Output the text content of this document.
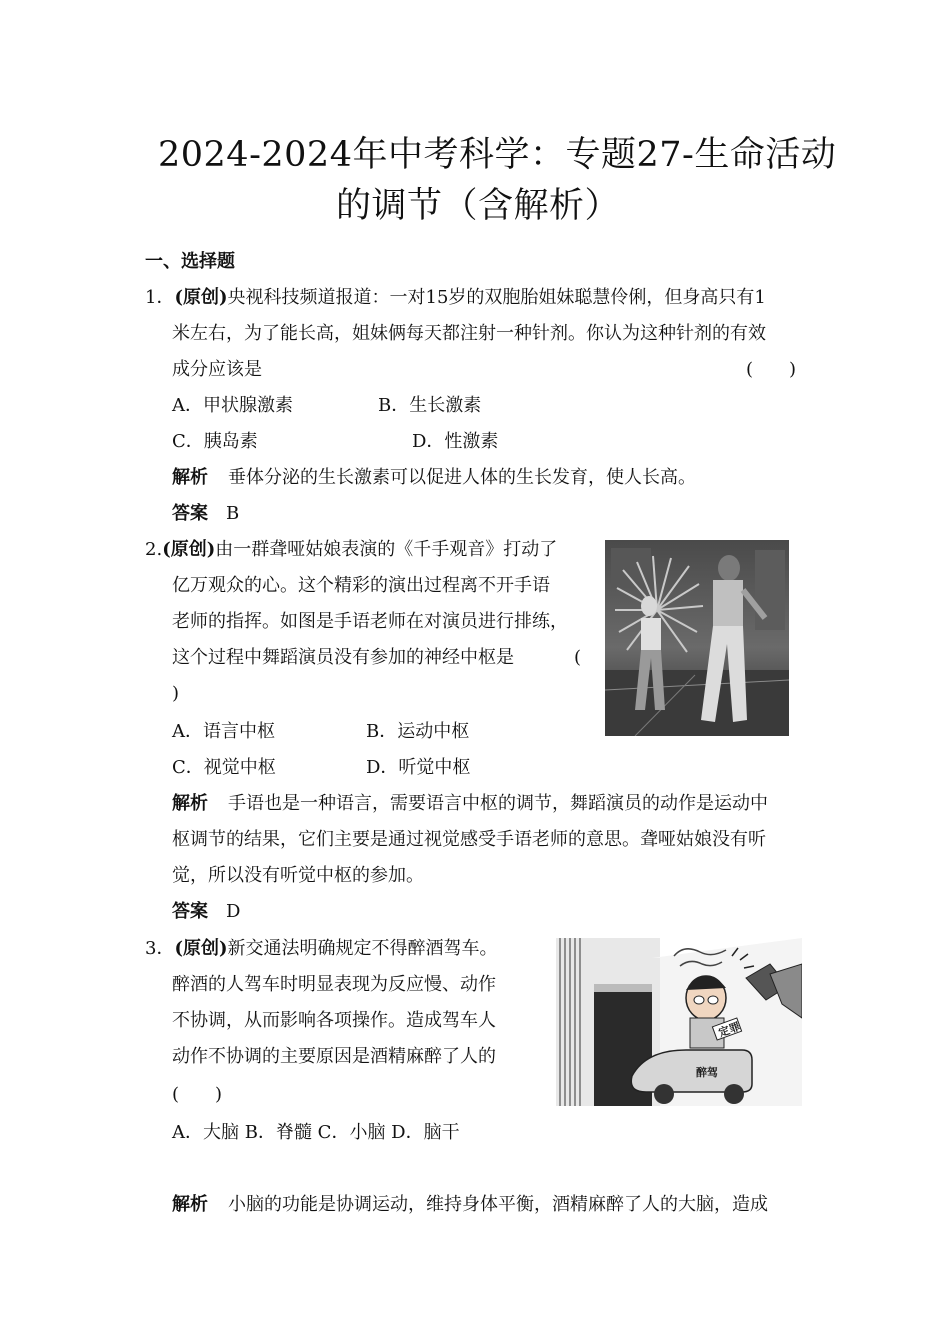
2024-2024年中考科学：专题27-生命活动
的调节（含解析）
一、选择题
1．(原创)央视科技频道报道：一对15岁的双胞胎姐妹聪慧伶俐，但身高只有1
米左右，为了能长高，姐妹俩每天都注射一种针剂。你认为这种针剂的有效
成分应该是	(　　)
A．甲状腺激素	B．生长激素
C．胰岛素	D．性激素
解析 垂体分泌的生长激素可以促进人体的生长发育，使人长高。
答案 B
2.(原创)由一群聋哑姑娘表演的《千手观音》打动了
亿万观众的心。这个精彩的演出过程离不开手语
老师的指挥。如图是手语老师在对演员进行排练，
这个过程中舞蹈演员没有参加的神经中枢是	(
)
A．语言中枢	B．运动中枢
C．视觉中枢	D．听觉中枢
解析 手语也是一种语言，需要语言中枢的调节，舞蹈演员的动作是运动中
枢调节的结果，它们主要是通过视觉感受手语老师的意思。聋哑姑娘没有听
觉，所以没有听觉中枢的参加。
答案 D
3．(原创)新交通法明确规定不得醉酒驾车。
醉酒的人驾车时明显表现为反应慢、动作
不协调，从而影响各项操作。造成驾车人
动作不协调的主要原因是酒精麻醉了人的
(　　)
A．大脑 B．脊髓 C．小脑 D．脑干
解析 小脑的功能是协调运动，维持身体平衡，酒精麻醉了人的大脑，造成
定罪
醉驾
